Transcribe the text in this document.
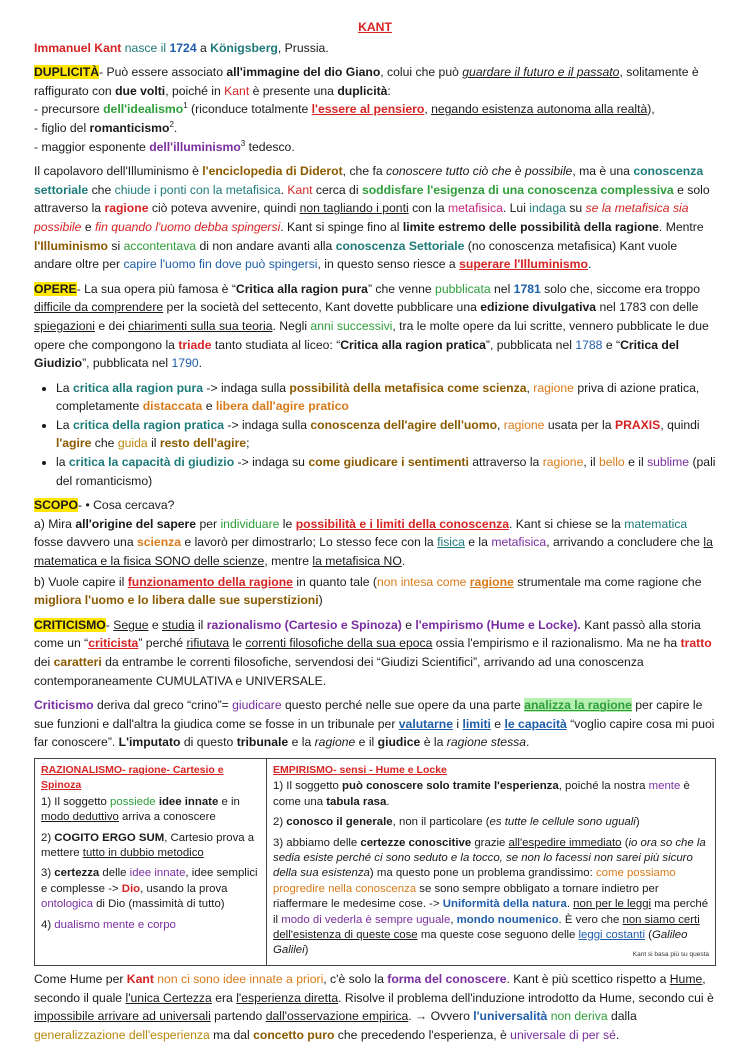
KANT

Immanuel Kant nasce il 1724 a Königsberg, Prussia.

DUPLICITÀ- Può essere associato all'immagine del dio Giano, colui che può guardare il futuro e il passato, solitamente è raffigurato con due volti, poiché in Kant è presente una duplicità:
- precursore dell'idealismo$^1$ (riconduce totalmente l'essere al pensiero, negando esistenza autonoma alla realtà),
- figlio del romanticismo$^2$.
- maggior esponente dell'illuminismo$^3$ tedesco.

Il capolavoro dell'Illuminismo è l'enciclopedia di Diderot, che fa conoscere tutto ciò che è possibile, ma è una conoscenza settoriale che chiude i ponti con la metafisica. Kant cerca di soddisfare l'esigenza di una conoscenza complessiva e solo attraverso la ragione ciò poteva avvenire, quindi non tagliando i ponti con la metafisica. Lui indaga su se la metafisica sia possibile e fin quando l'uomo debba spingersi. Kant si spinge fino al limite estremo delle possibilità della ragione. Mentre l'Illuminismo si accontentava di non andare avanti alla conoscenza Settoriale (no conoscenza metafisica) Kant vuole andare oltre per capire l'uomo fin dove può spingersi, in questo senso riesce a superare l'Illuminismo.

OPERE- La sua opera più famosa è “Critica alla ragion pura” che venne pubblicata nel 1781 solo che, siccome era troppo difficile da comprendere per la società del settecento, Kant dovette pubblicare una edizione divulgativa nel 1783 con delle spiegazioni e dei chiarimenti sulla sua teoria. Negli anni successivi, tra le molte opere da lui scritte, vennero pubblicate le due opere che compongono la triade tanto studiata al liceo: “Critica alla ragion pratica”, pubblicata nel 1788 e “Critica del Giudizio”, pubblicata nel 1790.

• La critica alla ragion pura -> indaga sulla possibilità della metafisica come scienza, ragione priva di azione pratica, completamente distaccata e libera dall'agire pratico
• La critica della ragion pratica -> indaga sulla conoscenza dell'agire dell'uomo, ragione usata per la PRAXIS, quindi l'agire che guida il resto dell'agire;
• la critica la capacità di giudizio -> indaga su come giudicare i sentimenti attraverso la ragione, il bello e il sublime (pali del romanticismo)

SCOPO- • Cosa cercava?
a) Mira all'origine del sapere per individuare le possibilità e i limiti della conoscenza. Kant si chiese se la matematica fosse davvero una scienza e lavorò per dimostrarlo; Lo stesso fece con la fisica e la metafisica, arrivando a concludere che la matematica e la fisica SONO delle scienze, mentre la metafisica NO.

b) Vuole capire il funzionamento della ragione in quanto tale (non intesa come ragione strumentale ma come ragione che migliora l'uomo e lo libera dalle sue superstizioni)

CRITICISMO- Segue e studia il razionalismo (Cartesio e Spinoza) e l'empirismo (Hume e Locke). Kant passò alla storia come un “criticista” perché rifiutava le correnti filosofiche della sua epoca ossia l'empirismo e il razionalismo. Ma ne ha tratto dei caratteri da entrambe le correnti filosofiche, servendosi dei “Giudizi Scientifici”, arrivando ad una conoscenza contemporaneamente CUMULATIVA e UNIVERSALE.

Criticismo deriva dal greco “crino”= giudicare questo perché nelle sue opere da una parte analizza la ragione per capire le sue funzioni e dall'altra la giudica come se fosse in un tribunale per valutarne i limiti e le capacità “voglio capire cosa mi puoi far conoscere”. L'imputato di questo tribunale e la ragione e il giudice è la ragione stessa.

RAZIONALISMO- ragione- Cartesio e Spinoza

1) Il soggetto possiede idee innate e in modo deduttivo arriva a conoscere

2) COGITO ERGO SUM, Cartesio prova a mettere tutto in dubbio metodico

3) certezza delle idee innate, idee semplici e complesse -> Dio, usando la prova ontologica di Dio (massimità di tutto)

4) dualismo mente e corpo

EMPIRISMO- sensi - Hume e Locke

1) Il soggetto può conoscere solo tramite l'esperienza, poiché la nostra mente è come una tabula rasa.

2) conosco il generale, non il particolare (es tutte le cellule sono uguali)

3) abbiamo delle certezze conoscitive grazie all'espedire immediato (io ora so che la sedia esiste perché ci sono seduto e la tocco, se non lo facessi non sarei più sicuro della sua esistenza) ma questo pone un problema grandissimo: come possiamo progredire nella conoscenza se sono sempre obbligato a tornare indietro per riaffermare le medesime cose. -> Uniformità della natura. non per le leggi ma perché il modo di vederla è sempre uguale, mondo noumenico. È vero che non siamo certi dell'esistenza di queste cose ma queste cose seguono delle leggi costanti (Galileo Galilei)	Kant si basa più su questa

Come Hume per Kant non ci sono idee innate a priori, c'è solo la forma del conoscere. Kant è più scettico rispetto a Hume, secondo il quale l'unica Certezza era l'esperienza diretta. Risolve il problema dell'induzione introdotto da Hume, secondo cui è impossibile arrivare ad universali partendo dall'osservazione empirica. → Ovvero l'universalità non deriva dalla generalizzazione dell'esperienza ma dal concetto puro che precedendo l'esperienza, è universale di per sé.
